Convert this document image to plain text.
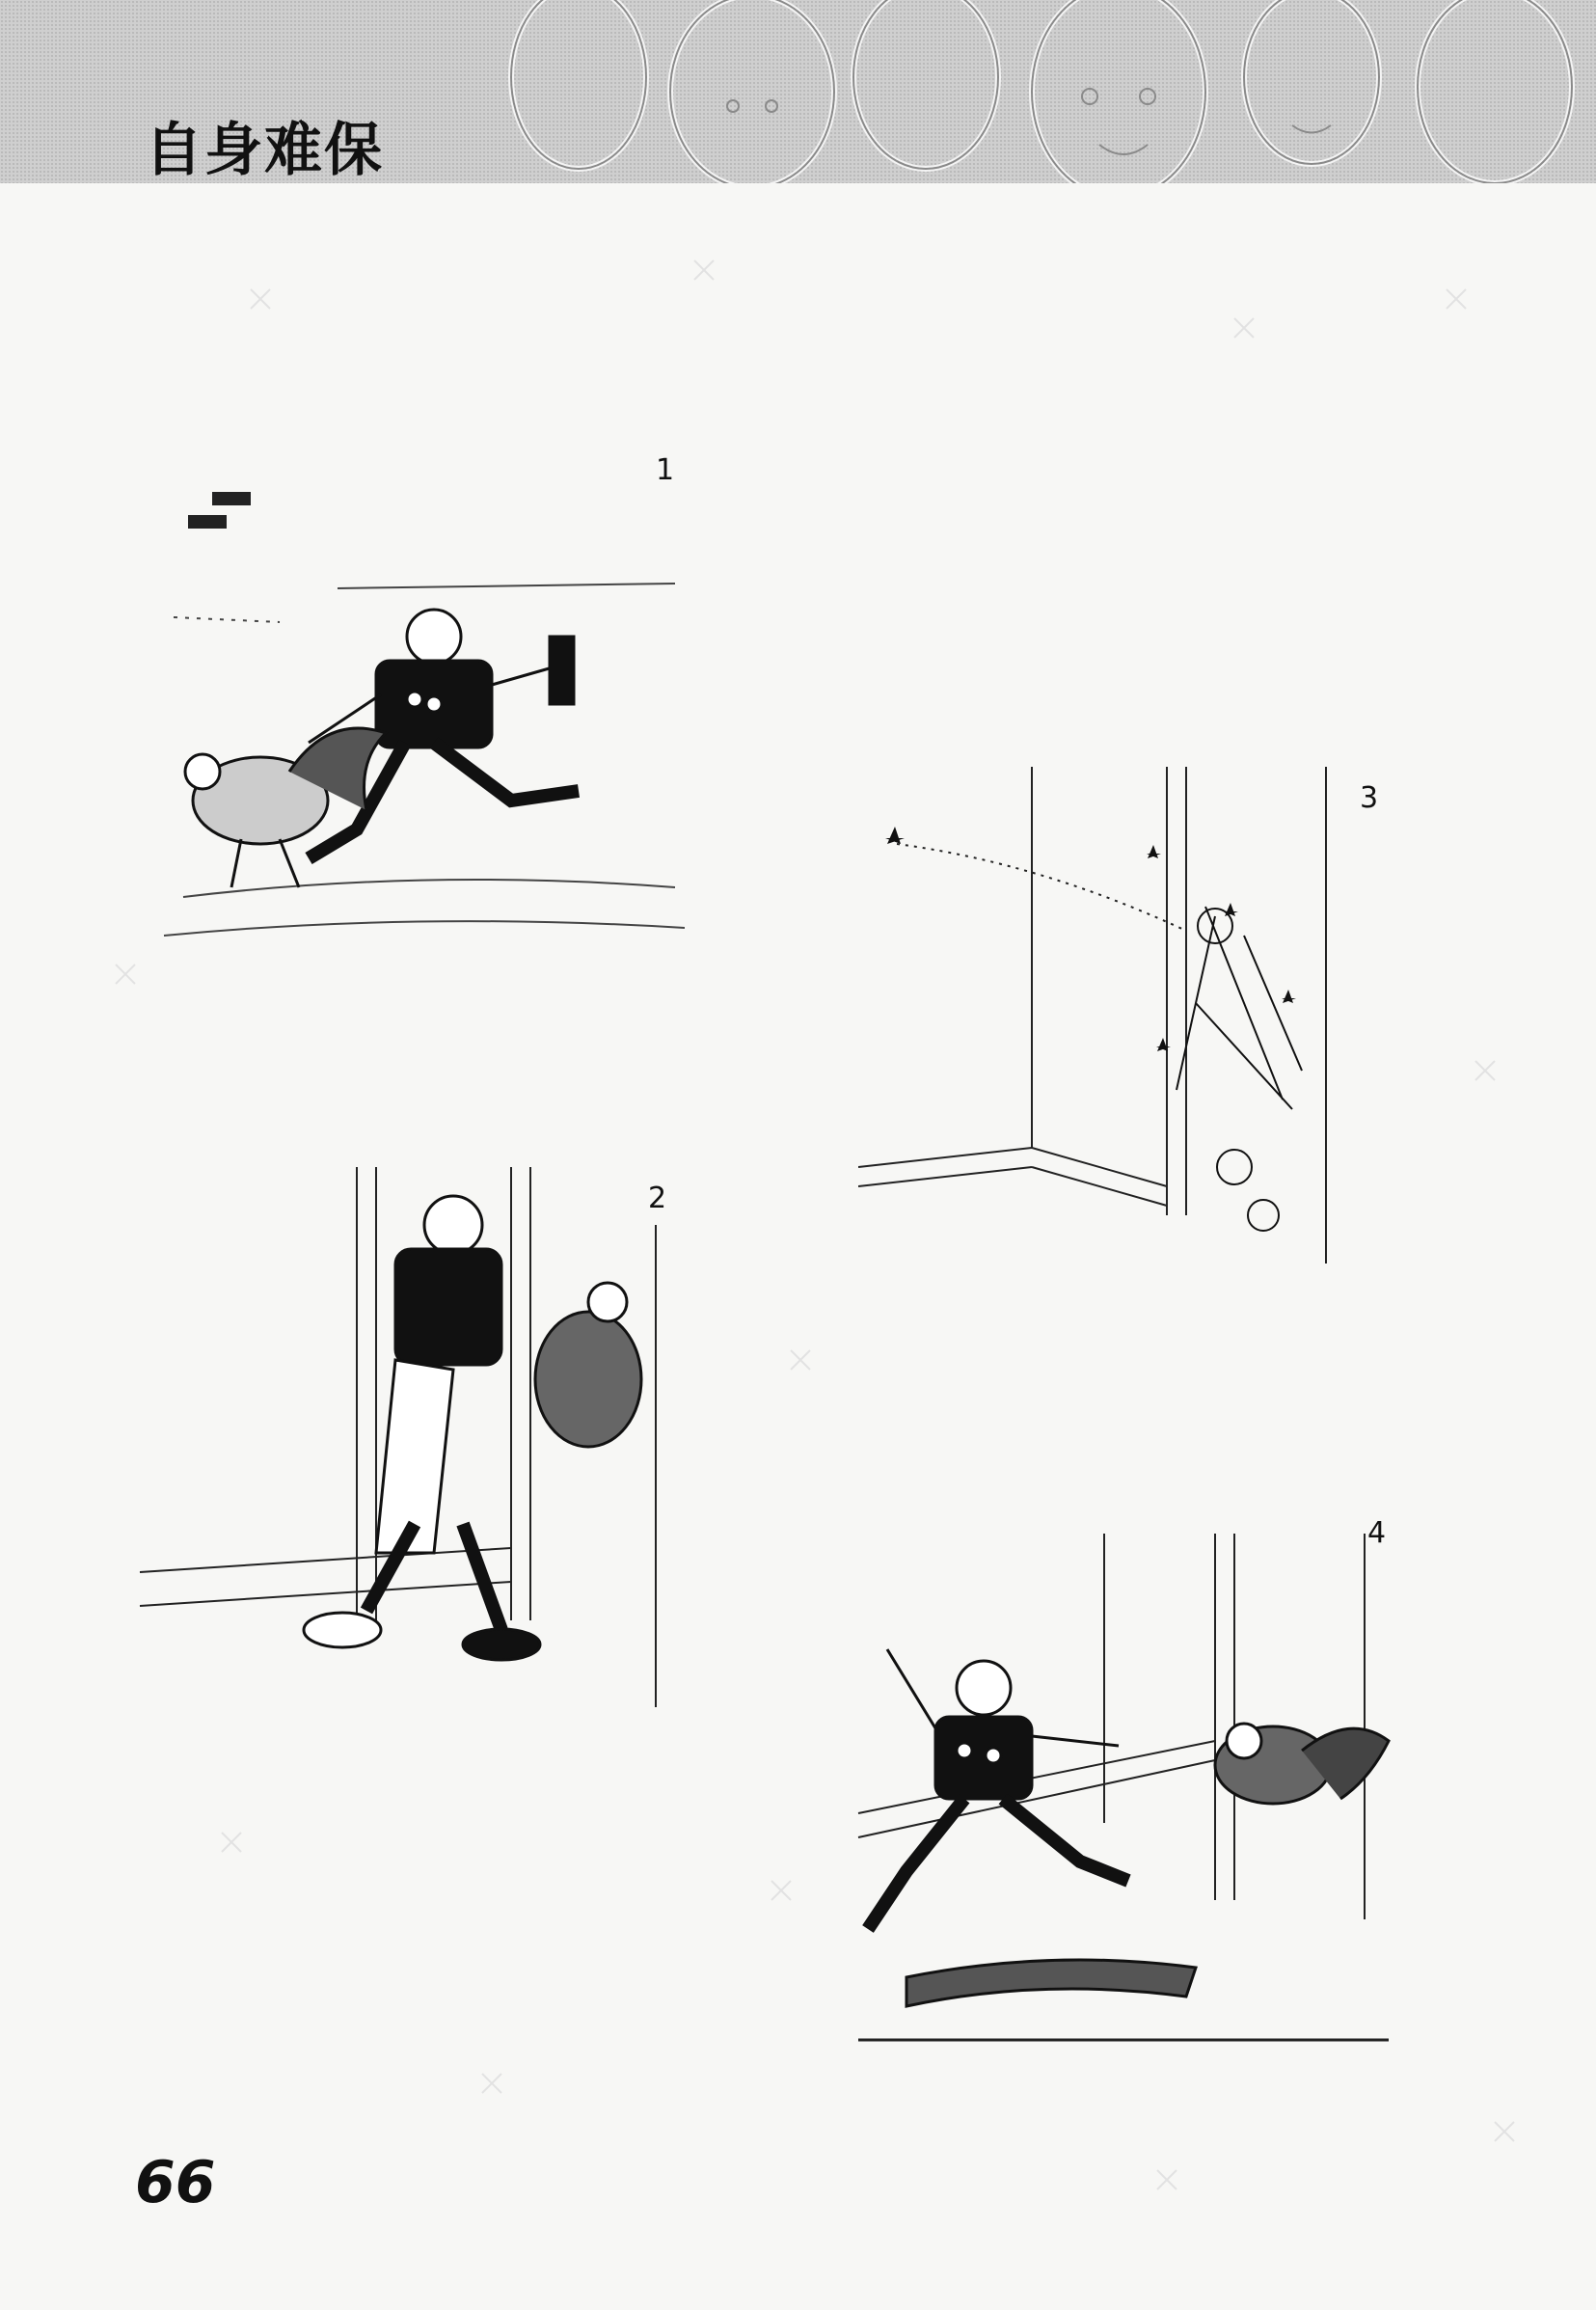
自身难保
1
2
3
4
66
